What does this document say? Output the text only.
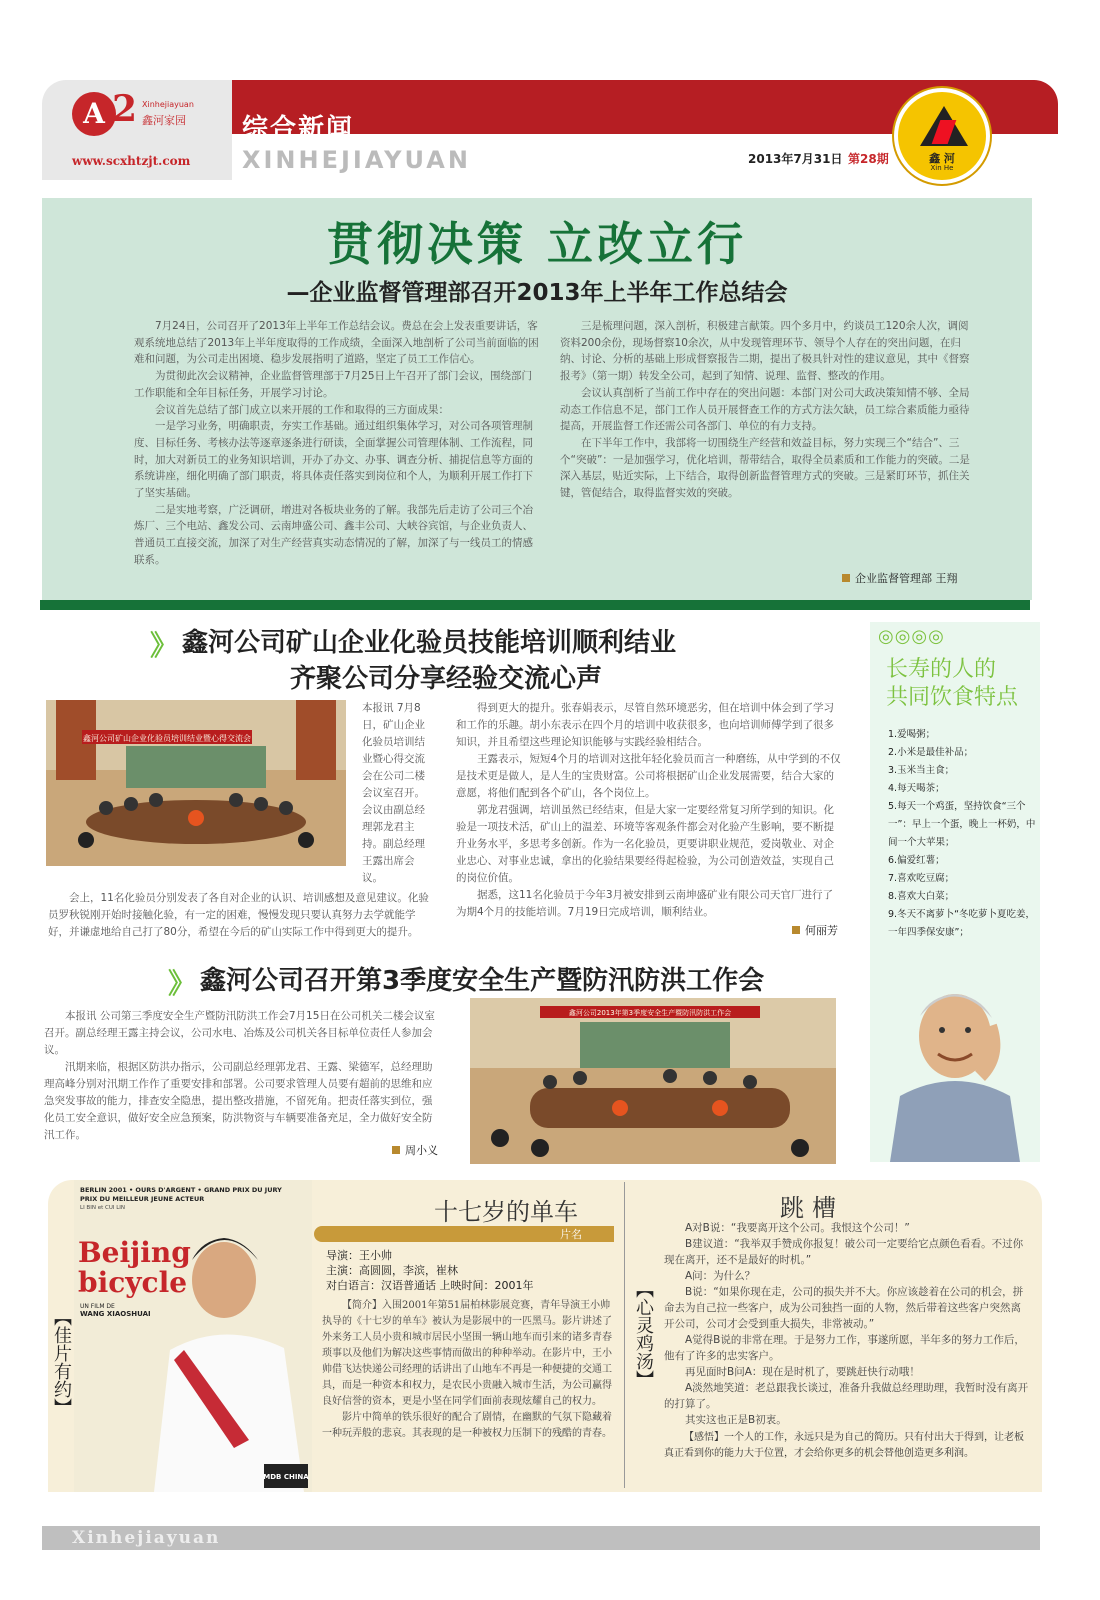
A 2 Xinhejiayuan
鑫河家园
www.scxhtzjt.com
综合新闻
XINHEJIAYUAN	2013年7月31日 第28期	鑫 河
Xin He
贯彻决策 立改立行
—企业监督管理部召开2013年上半年工作总结会

7月24日，公司召开了2013年上半年工作总结会议。费总在会上发表重要讲话，客观系统地总结了2013年上半年度取得的工作成绩，全面深入地剖析了公司当前面临的困难和问题，为公司走出困境、稳步发展指明了道路，坚定了员工工作信心。

为贯彻此次会议精神，企业监督管理部于7月25日上午召开了部门会议，围绕部门工作职能和全年目标任务，开展学习讨论。

会议首先总结了部门成立以来开展的工作和取得的三方面成果：

一是学习业务，明确职责，夯实工作基础。通过组织集体学习，对公司各项管理制度、目标任务、考核办法等逐章逐条进行研读，全面掌握公司管理体制、工作流程，同时，加大对新员工的业务知识培训，开办了办文、办事、调查分析、捕捉信息等方面的系统讲座，细化明确了部门职责，将具体责任落实到岗位和个人，为顺利开展工作打下了坚实基础。

二是实地考察，广泛调研，增进对各板块业务的了解。我部先后走访了公司三个冶炼厂、三个电站、鑫发公司、云南坤盛公司、鑫丰公司、大峡谷宾馆，与企业负责人、普通员工直接交流，加深了对生产经营真实动态情况的了解，加深了与一线员工的情感联系。

三是梳理问题，深入剖析，积极建言献策。四个多月中，约谈员工120余人次，调阅资料200余份，现场督察10余次，从中发现管理环节、领导个人存在的突出问题，在归纳、讨论、分析的基础上形成督察报告二期，提出了极具针对性的建议意见，其中《督察报考》（第一期）转发全公司，起到了知情、说理、监督、整改的作用。

会议认真剖析了当前工作中存在的突出问题：本部门对公司大政决策知情不够、全局动态工作信息不足，部门工作人员开展督查工作的方式方法欠缺，员工综合素质能力亟待提高，开展监督工作还需公司各部门、单位的有力支持。

在下半年工作中，我部将一切围绕生产经营和效益目标，努力实现三个“结合”、三个“突破”：一是加强学习，优化培训，帮带结合，取得全员素质和工作能力的突破。二是深入基层，贴近实际，上下结合，取得创新监督管理方式的突破。三是紧盯环节，抓住关键，管促结合，取得监督实效的突破。

企业监督管理部 王翔
》 鑫河公司矿山企业化验员技能培训顺利结业
齐聚公司分享经验交流心声
鑫河公司矿山企业化验员培训结业暨心得交流会
本报讯 7月8日，矿山企业化验员培训结业暨心得交流会在公司二楼会议室召开。会议由副总经理郭龙君主持。副总经理王露出席会议。
会上，11名化验员分别发表了各自对企业的认识、培训感想及意见建议。化验员罗秋锐刚开始时接触化验，有一定的困难，慢慢发现只要认真努力去学就能学好，并谦虚地给自己打了80分，希望在今后的矿山实际工作中得到更大的提升。

得到更大的提升。张春娟表示，尽管自然环境恶劣，但在培训中体会到了学习和工作的乐趣。胡小东表示在四个月的培训中收获很多，也向培训师傅学到了很多知识，并且希望这些理论知识能够与实践经验相结合。

王露表示，短短4个月的培训对这批年轻化验员而言一种磨练，从中学到的不仅是技术更是做人，是人生的宝贵财富。公司将根据矿山企业发展需要，结合大家的意愿，将他们配到各个矿山，各个岗位上。

郭龙君强调，培训虽然已经结束，但是大家一定要经常复习所学到的知识。化验是一项技术活，矿山上的温差、环境等客观条件都会对化验产生影响，要不断提升业务水平，多思考多创新。作为一名化验员，更要讲职业规范，爱岗敬业、对企业忠心、对事业忠诚，拿出的化验结果要经得起检验，为公司创造效益，实现自己的岗位价值。

据悉，这11名化验员于今年3月被安排到云南坤盛矿业有限公司天官厂进行了为期4个月的技能培训。7月19日完成培训，顺利结业。

何丽芳
◎◎◎◎
长寿的人的
共同饮食特点
1.爱喝粥；
2.小米是最佳补品；
3.玉米当主食；
4.每天喝茶；
5.每天一个鸡蛋，坚持饮食“三个一”：早上一个蛋，晚上一杯奶，中间一个大苹果；
6.偏爱红薯；
7.喜欢吃豆腐；
8.喜欢大白菜；
9.冬天不离萝卜“冬吃萝卜夏吃姜，一年四季保安康”；
》 鑫河公司召开第3季度安全生产暨防汛防洪工作会

本报讯 公司第三季度安全生产暨防汛防洪工作会7月15日在公司机关二楼会议室召开。副总经理王露主持会议，公司水电、冶炼及公司机关各目标单位责任人参加会议。

汛期来临，根据区防洪办指示，公司副总经理郭龙君、王露、梁德军，总经理助理高峰分别对汛期工作作了重要安排和部署。公司要求管理人员要有超前的思维和应急突发事故的能力，排查安全隐患，提出整改措施，不留死角。把责任落实到位，强化员工安全意识，做好安全应急预案，防洪物资与车辆要准备充足，全力做好安全防汛工作。

周小义
鑫河公司2013年第3季度安全生产暨防汛防洪工作会
【佳片有约】
BERLIN 2001 • OURS D'ARGENT • GRAND PRIX DU JURY
PRIX DU MEILLEUR JEUNE ACTEUR
LI BIN et CUI LIN
Beijing
bicycle
UN FILM DE
WANG XIAOSHUAI
MDB CHINA
十七岁的单车
片名
导演：王小帅
主演：高圆圆，李滨，崔林
对白语言：汉语普通话 上映时间：2001年

【简介】入围2001年第51届柏林影展竞赛，青年导演王小帅执导的《十七岁的单车》被认为是影展中的一匹黑马。影片讲述了外来务工人员小贵和城市居民小坚围一辆山地车而引来的诸多青春琐事以及他们为解决这些事情而做出的种种举动。在影片中，王小帅借飞达快递公司经理的话讲出了山地车不再是一种便捷的交通工具，而是一种资本和权力，是农民小贵融入城市生活，为公司赢得良好信誉的资本，更是小坚在同学们面前表现炫耀自己的权力。

影片中简单的铁乐很好的配合了剧情，在幽默的气氛下隐藏着一种玩弄般的悲哀。其表现的是一种被权力压制下的残酷的青春。

【心灵鸡汤】
跳槽

A对B说：“我要离开这个公司。我恨这个公司！”

B建议道：“我举双手赞成你报复！破公司一定要给它点颜色看看。不过你现在离开，还不是最好的时机。”

A问：为什么？

B说：“如果你现在走，公司的损失并不大。你应该趁着在公司的机会，拼命去为自己拉一些客户，成为公司独挡一面的人物，然后带着这些客户突然离开公司，公司才会受到重大损失，非常被动。”

A觉得B说的非常在理。于是努力工作，事遂所愿，半年多的努力工作后，他有了许多的忠实客户。

再见面时B问A：现在是时机了，要跳赶快行动哦！

A淡然地笑道：老总跟我长谈过，准备升我做总经理助理，我暂时没有离开的打算了。

其实这也正是B初衷。

【感悟】一个人的工作，永远只是为自己的简历。只有付出大于得到，让老板真正看到你的能力大于位置，才会给你更多的机会替他创造更多利润。
Xinhejiayuan
